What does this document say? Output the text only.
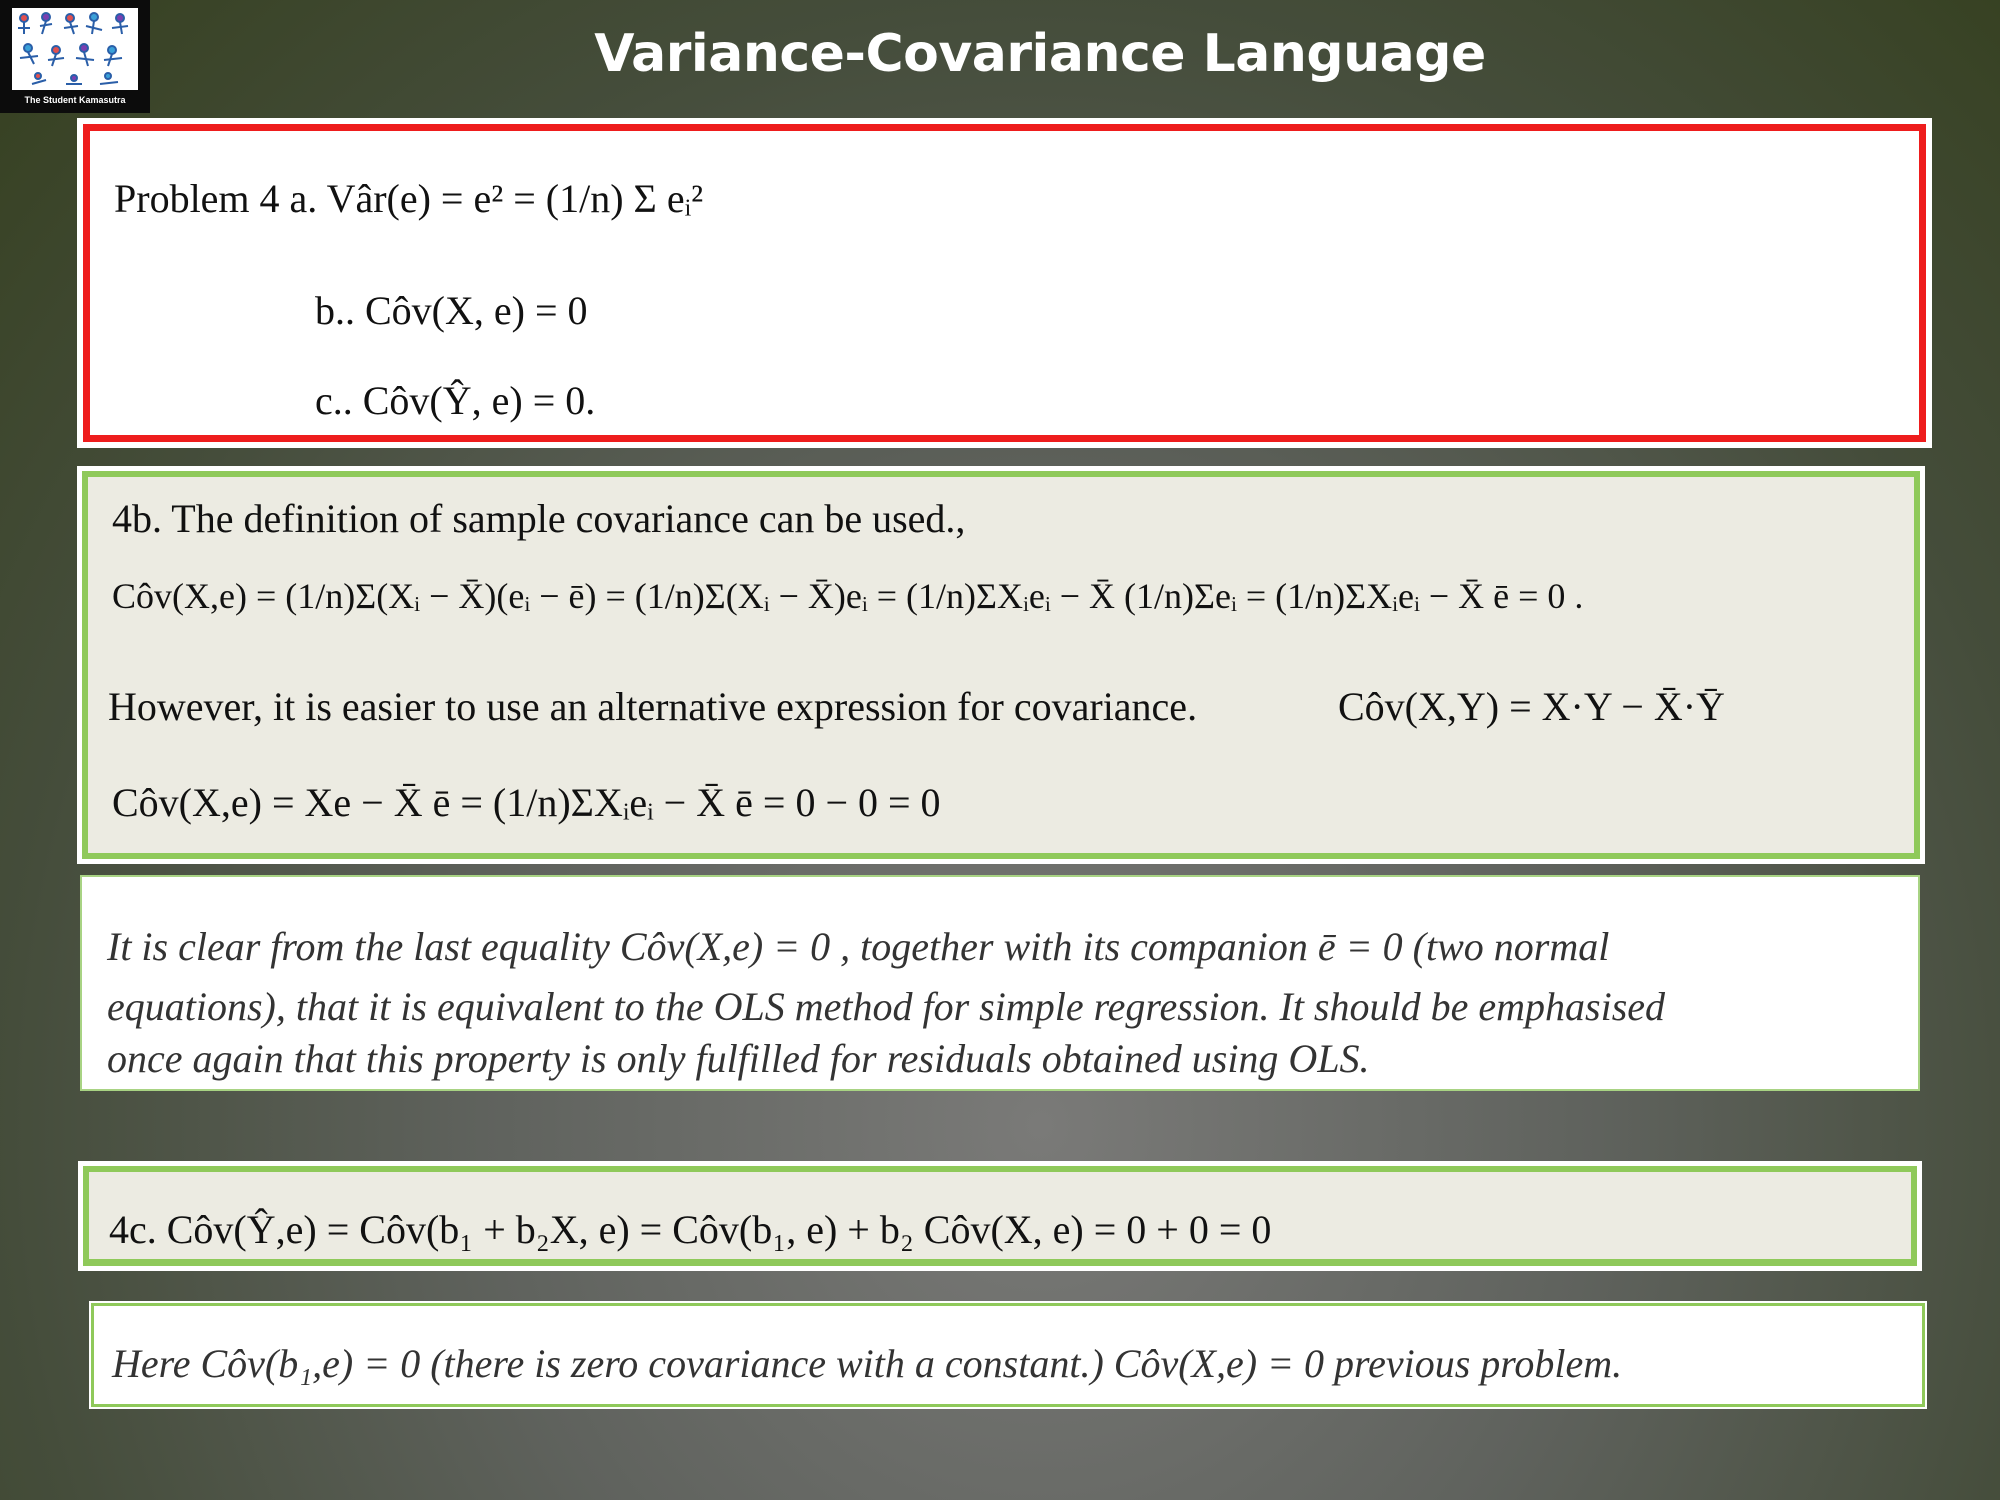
The Student Kamasutra
Variance-Covariance Language
Problem 4 a. Vâr(e) = e² = (1/n) Σ eᵢ²
b.. Côv(X, e) = 0
c.. Côv(Ŷ, e) = 0.
4b. The definition of sample covariance can be used.,
Côv(X,e) = (1/n)Σ(Xᵢ − X̄)(eᵢ − ē) = (1/n)Σ(Xᵢ − X̄)eᵢ = (1/n)ΣXᵢeᵢ − X̄ (1/n)Σeᵢ = (1/n)ΣXᵢeᵢ − X̄ ē = 0 .
However, it is easier to use an alternative expression for covariance.	Côv(X,Y) = X·Y − X̄·Ȳ
Côv(X,e) = Xe − X̄ ē = (1/n)ΣXᵢeᵢ − X̄ ē = 0 − 0 = 0
It is clear from the last equality Côv(X,e) = 0 , together with its companion ē = 0 (two normal
equations), that it is equivalent to the OLS method for simple regression. It should be emphasised
once again that this property is only fulfilled for residuals obtained using OLS.
4c. Côv(Ŷ,e) = Côv(b₁ + b₂X, e) = Côv(b₁, e) + b₂ Côv(X, e) = 0 + 0 = 0
Here Côv(b₁,e) = 0 (there is zero covariance with a constant.) Côv(X,e) = 0 previous problem.
